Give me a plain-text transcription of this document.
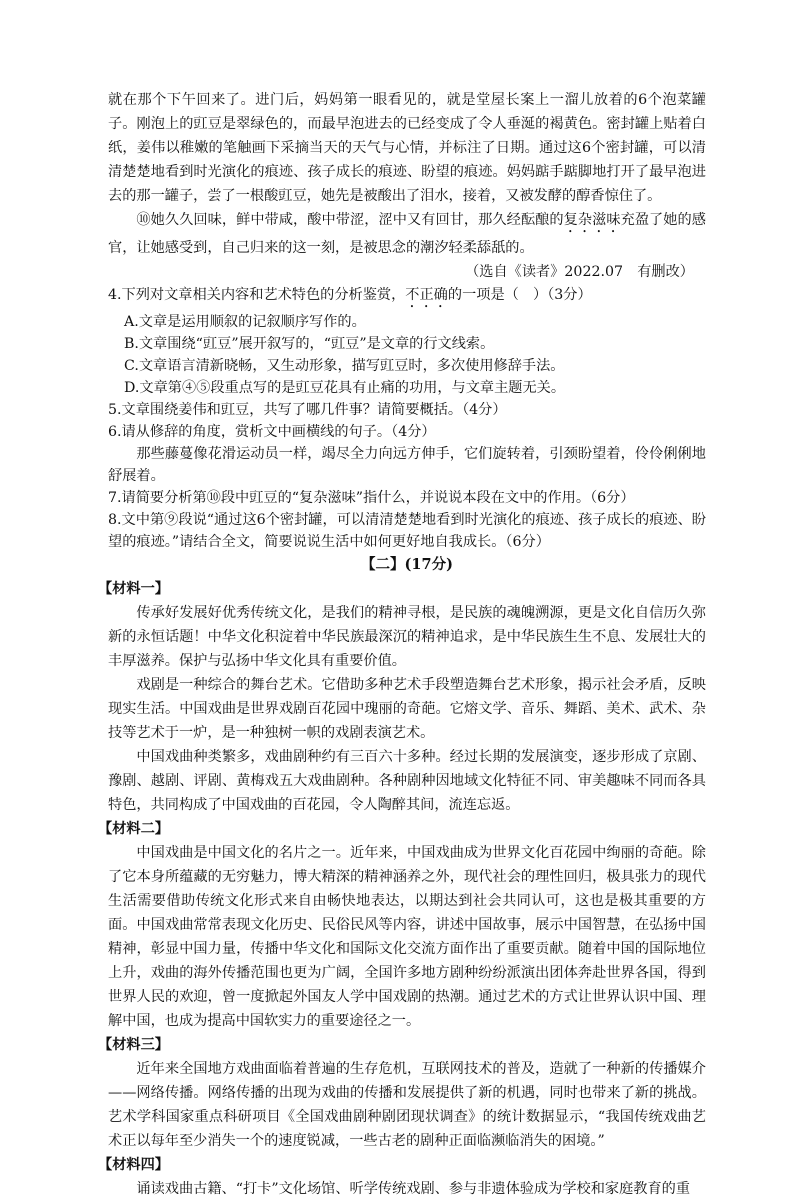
就在那个下午回来了。进门后，妈妈第一眼看见的，就是堂屋长案上一溜儿放着的6个泡菜罐子。刚泡上的豇豆是翠绿色的，而最早泡进去的已经变成了令人垂涎的褐黄色。密封罐上贴着白纸，姜伟以稚嫩的笔触画下采摘当天的天气与心情，并标注了日期。通过这6个密封罐，可以清清楚楚地看到时光演化的痕迹、孩子成长的痕迹、盼望的痕迹。妈妈踮手踮脚地打开了最早泡进去的那一罐子，尝了一根酸豇豆，她先是被酸出了泪水，接着，又被发酵的醇香惊住了。

⑩她久久回味，鲜中带咸，酸中带涩，涩中又有回甘，那久经酝酿的复杂滋味充盈了她的感官，让她感受到，自己归来的这一刻，是被思念的潮汐轻柔舔舐的。

（选自《读者》2022.07　有删改）

4.下列对文章相关内容和艺术特色的分析鉴赏，不正确的一项是（　）（3分）

A.文章是运用顺叙的记叙顺序写作的。

B.文章围绕“豇豆”展开叙写的，“豇豆”是文章的行文线索。

C.文章语言清新晓畅，又生动形象，描写豇豆时，多次使用修辞手法。

D.文章第④⑤段重点写的是豇豆花具有止痛的功用，与文章主题无关。

5.文章围绕姜伟和豇豆，共写了哪几件事？请简要概括。（4分）

6.请从修辞的角度，赏析文中画横线的句子。（4分）

那些藤蔓像花滑运动员一样，竭尽全力向远方伸手，它们旋转着，引颈盼望着，伶伶俐俐地舒展着。

7.请简要分析第⑩段中豇豆的“复杂滋味”指什么，并说说本段在文中的作用。（6分）

8.文中第⑨段说“通过这6个密封罐，可以清清楚楚地看到时光演化的痕迹、孩子成长的痕迹、盼望的痕迹。”请结合全文，简要说说生活中如何更好地自我成长。（6分）

【二】(17分)

【材料一】

传承好发展好优秀传统文化，是我们的精神寻根，是民族的魂魄溯源，更是文化自信历久弥新的永恒话题！中华文化积淀着中华民族最深沉的精神追求，是中华民族生生不息、发展壮大的丰厚滋养。保护与弘扬中华文化具有重要价值。

戏剧是一种综合的舞台艺术。它借助多种艺术手段塑造舞台艺术形象，揭示社会矛盾，反映现实生活。中国戏曲是世界戏剧百花园中瑰丽的奇葩。它熔文学、音乐、舞蹈、美术、武术、杂技等艺术于一炉，是一种独树一帜的戏剧表演艺术。

中国戏曲种类繁多，戏曲剧种约有三百六十多种。经过长期的发展演变，逐步形成了京剧、豫剧、越剧、评剧、黄梅戏五大戏曲剧种。各种剧种因地域文化特征不同、审美趣味不同而各具特色，共同构成了中国戏曲的百花园，令人陶醉其间，流连忘返。

【材料二】

中国戏曲是中国文化的名片之一。近年来，中国戏曲成为世界文化百花园中绚丽的奇葩。除了它本身所蕴藏的无穷魅力，博大精深的精神涵养之外，现代社会的理性回归，极具张力的现代生活需要借助传统文化形式来自由畅快地表达，以期达到社会共同认可，这也是极其重要的方面。中国戏曲常常表现文化历史、民俗民风等内容，讲述中国故事，展示中国智慧，在弘扬中国精神，彰显中国力量，传播中华文化和国际文化交流方面作出了重要贡献。随着中国的国际地位上升，戏曲的海外传播范围也更为广阔，全国许多地方剧种纷纷派演出团体奔赴世界各国，得到世界人民的欢迎，曾一度掀起外国友人学中国戏剧的热潮。通过艺术的方式让世界认识中国、理解中国，也成为提高中国软实力的重要途径之一。

【材料三】

近年来全国地方戏曲面临着普遍的生存危机，互联网技术的普及，造就了一种新的传播媒介——网络传播。网络传播的出现为戏曲的传播和发展提供了新的机遇，同时也带来了新的挑战。艺术学科国家重点科研项目《全国戏曲剧种剧团现状调查》的统计数据显示，“我国传统戏曲艺术正以每年至少消失一个的速度锐减，一些古老的剧种正面临濒临消失的困境。”

【材料四】

诵读戏曲古籍、“打卡”文化场馆、听学传统戏剧、参与非遗体验成为学校和家庭教育的重
